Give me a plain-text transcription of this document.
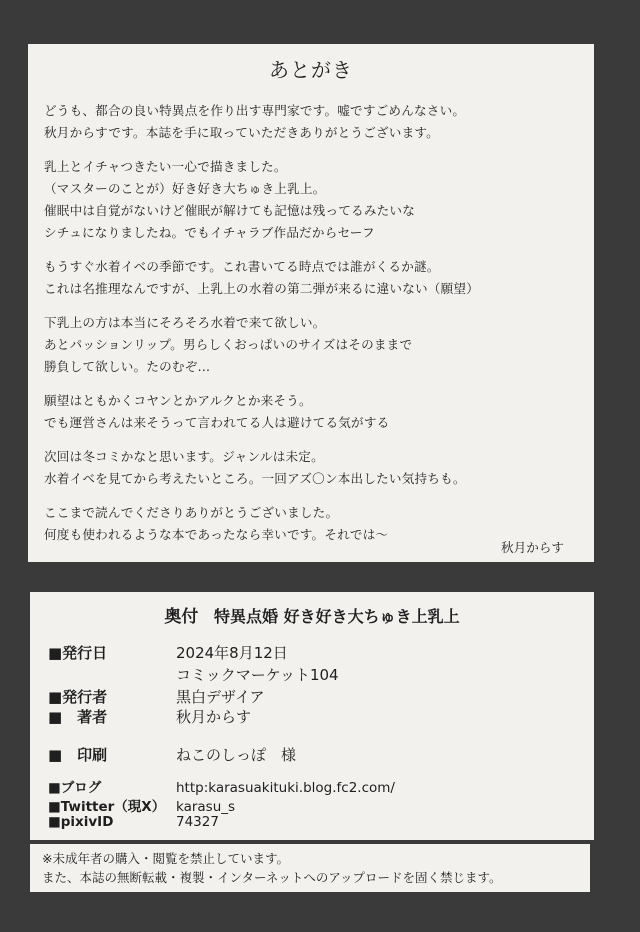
あとがき
どうも、都合の良い特異点を作り出す専門家です。嘘ですごめんなさい。
秋月からすです。本誌を手に取っていただきありがとうございます。
乳上とイチャつきたい一心で描きました。
（マスターのことが）好き好き大ちゅき上乳上。
催眠中は自覚がないけど催眠が解けても記憶は残ってるみたいな
シチュになりましたね。でもイチャラブ作品だからセーフ
もうすぐ水着イベの季節です。これ書いてる時点では誰がくるか謎。
これは名推理なんですが、上乳上の水着の第二弾が来るに違いない（願望）
下乳上の方は本当にそろそろ水着で来て欲しい。
あとパッションリップ。男らしくおっぱいのサイズはそのままで
勝負して欲しい。たのむぞ…
願望はともかくコヤンとかアルクとか来そう。
でも運営さんは来そうって言われてる人は避けてる気がする
次回は冬コミかなと思います。ジャンルは未定。
水着イベを見てから考えたいところ。一回アズ〇ン本出したい気持ちも。
ここまで読んでくださりありがとうございました。
何度も使われるような本であったなら幸いです。それでは～
秋月からす
奥付 特異点婚 好き好き大ちゅき上乳上
■発行日	2024年8月12日
コミックマーケット104
■発行者	黒白デザイア
■　著者	秋月からす
■　印刷	ねこのしっぽ　様
■ブログ	http:karasuakituki.blog.fc2.com/
■Twitter（現X） karasu_s
■pixivID	74327
※未成年者の購入・閲覧を禁止しています。
また、本誌の無断転載・複製・インターネットへのアップロードを固く禁じます。
